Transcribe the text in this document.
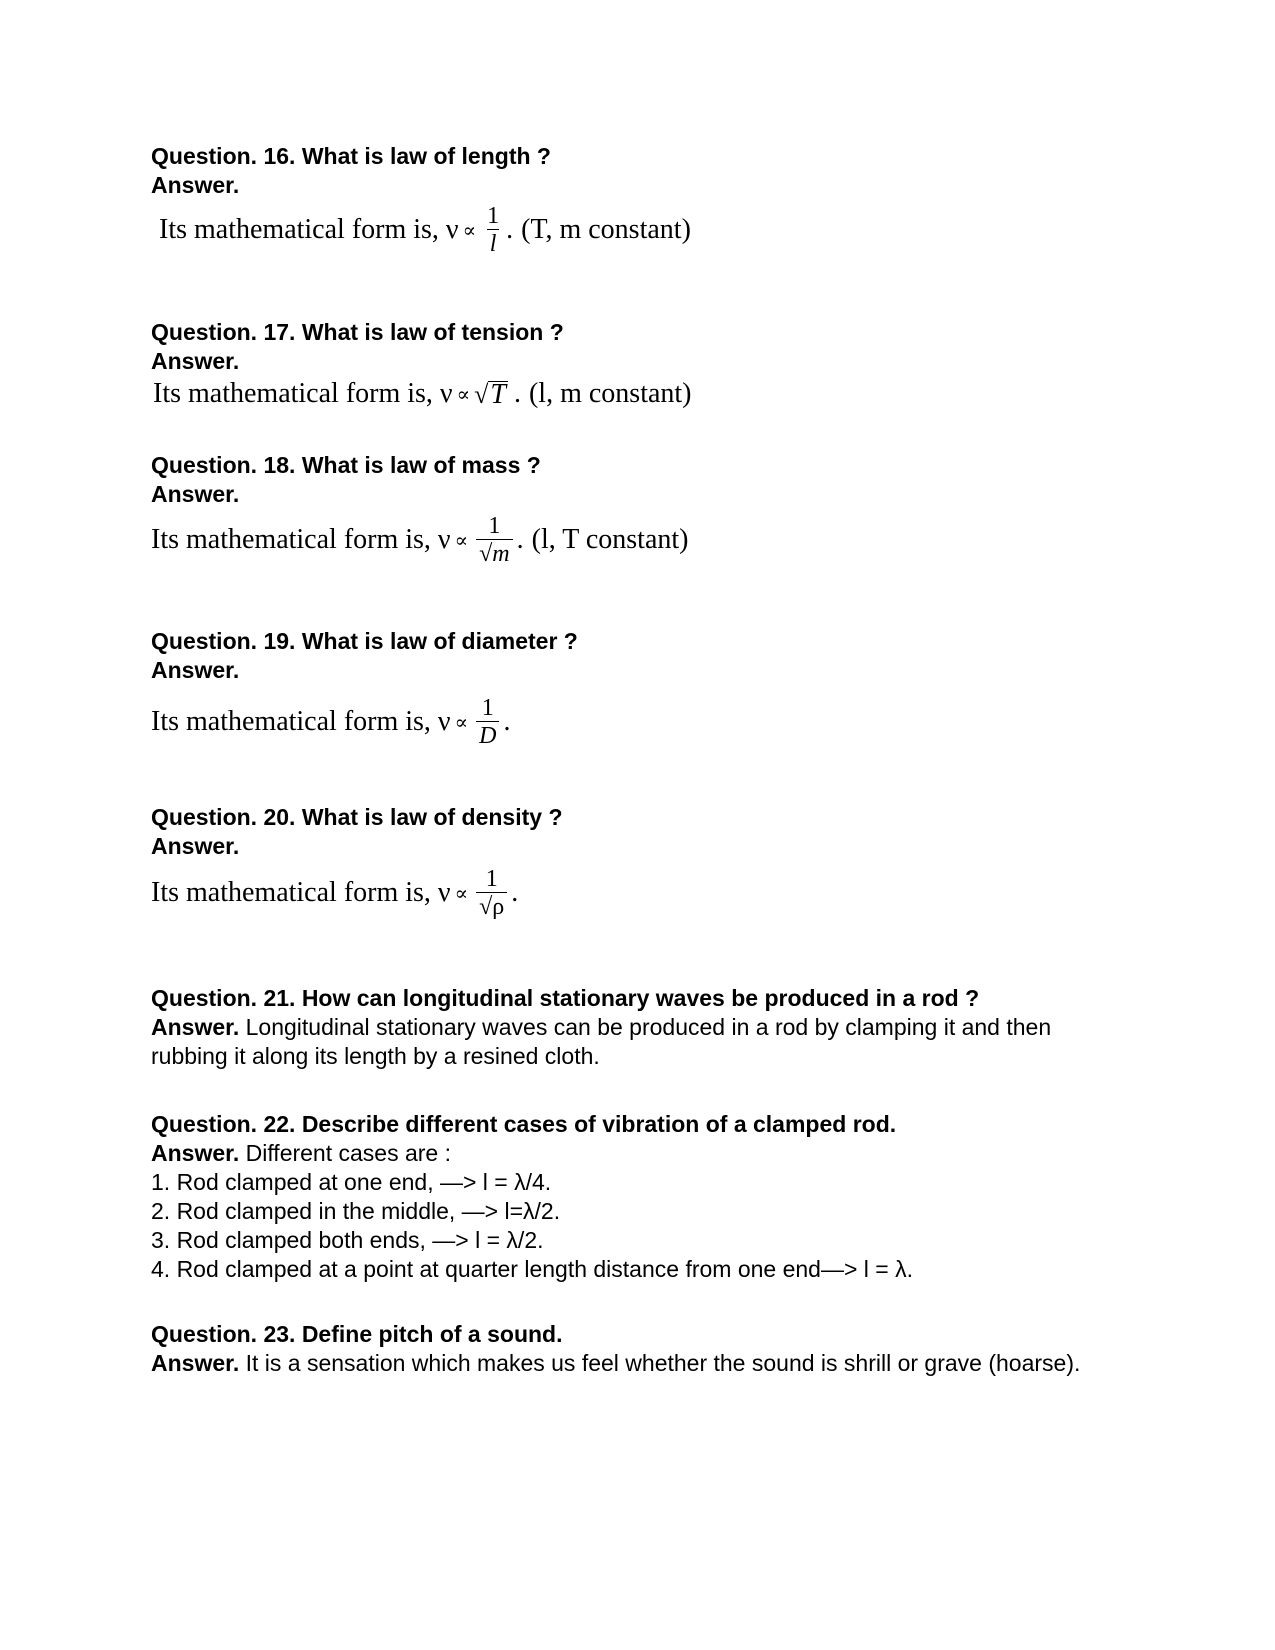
Question. 16. What is law of length ?
Answer.
Its mathematical form is, $\nu \propto \frac{1}{l}$ . (T, m constant)
Question. 17. What is law of tension ?
Answer.
Its mathematical form is, ν ∝ √ T . (l, m constant)
Question. 18. What is law of mass ?
Answer.
Its mathematical form is, $\nu \propto \frac{1}{√m}$ . (l, T constant)
Question. 19. What is law of diameter ?
Answer.
Its mathematical form is, $\nu \propto \frac{1}{D}$ .
Question. 20. What is law of density ?
Answer.
Its mathematical form is, $\nu \propto \frac{1}{√\rho}$ .
Question. 21. How can longitudinal stationary waves be produced in a rod ?
Answer. Longitudinal stationary waves can be produced in a rod by clamping it and then rubbing it along its length by a resined cloth.
Question. 22. Describe different cases of vibration of a clamped rod.
Answer. Different cases are :
1. Rod clamped at one end, —> l = λ/4.
2. Rod clamped in the middle, —> l=λ/2.
3. Rod clamped both ends, —> l = λ/2.
4. Rod clamped at a point at quarter length distance from one end—> l = λ.
Question. 23. Define pitch of a sound.
Answer. It is a sensation which makes us feel whether the sound is shrill or grave (hoarse).
